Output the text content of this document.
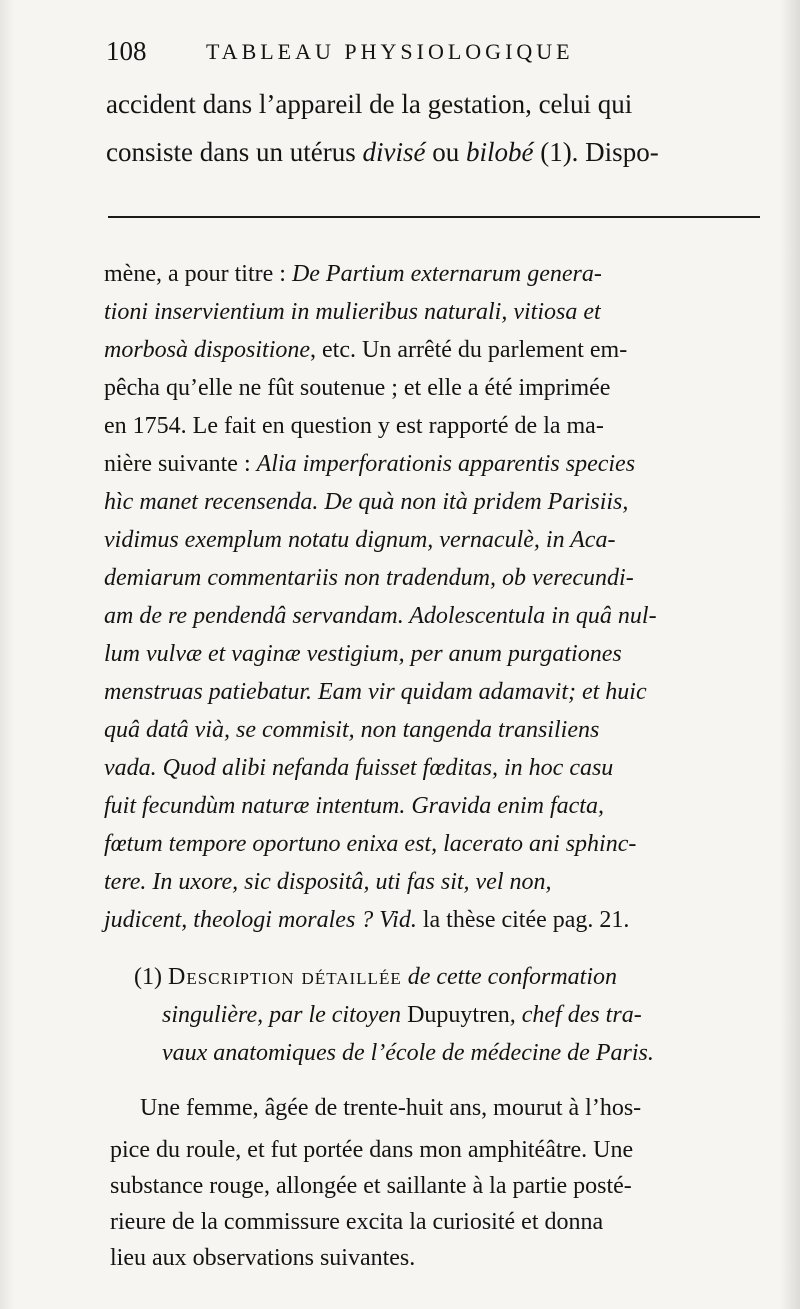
108	TABLEAU PHYSIOLOGIQUE
accident dans l’appareil de la gestation, celui qui
consiste dans un utérus divisé ou bilobé (1). Dispo-
mène, a pour titre : De Partium externarum genera-
tioni inservientium in mulieribus naturali, vitiosa et
morbosà dispositione, etc. Un arrêté du parlement em-
pêcha qu’elle ne fût soutenue ; et elle a été imprimée
en 1754. Le fait en question y est rapporté de la ma-
nière suivante : Alia imperforationis apparentis species
hìc manet recensenda. De quà non ità pridem Parisiis,
vidimus exemplum notatu dignum, vernaculè, in Aca-
demiarum commentariis non tradendum, ob verecundi-
am de re pendendâ servandam. Adolescentula in quâ nul-
lum vulvæ et vaginæ vestigium, per anum purgationes
menstruas patiebatur. Eam vir quidam adamavit; et huic
quâ datâ vià, se commisit, non tangenda transiliens
vada. Quod alibi nefanda fuisset fœditas, in hoc casu
fuit fecundùm naturæ intentum. Gravida enim facta,
fœtum tempore oportuno enixa est, lacerato ani sphinc-
tere. In uxore, sic dispositâ, uti fas sit, vel non,
judicent, theologi morales ? Vid. la thèse citée pag. 21.
(1) Description détaillée de cette conformation
singulière, par le citoyen Dupuytren, chef des tra-
vaux anatomiques de l’école de médecine de Paris.
Une femme, âgée de trente-huit ans, mourut à l’hos-
pice du roule, et fut portée dans mon amphitéâtre. Une
substance rouge, allongée et saillante à la partie posté-
rieure de la commissure excita la curiosité et donna
lieu aux observations suivantes.
